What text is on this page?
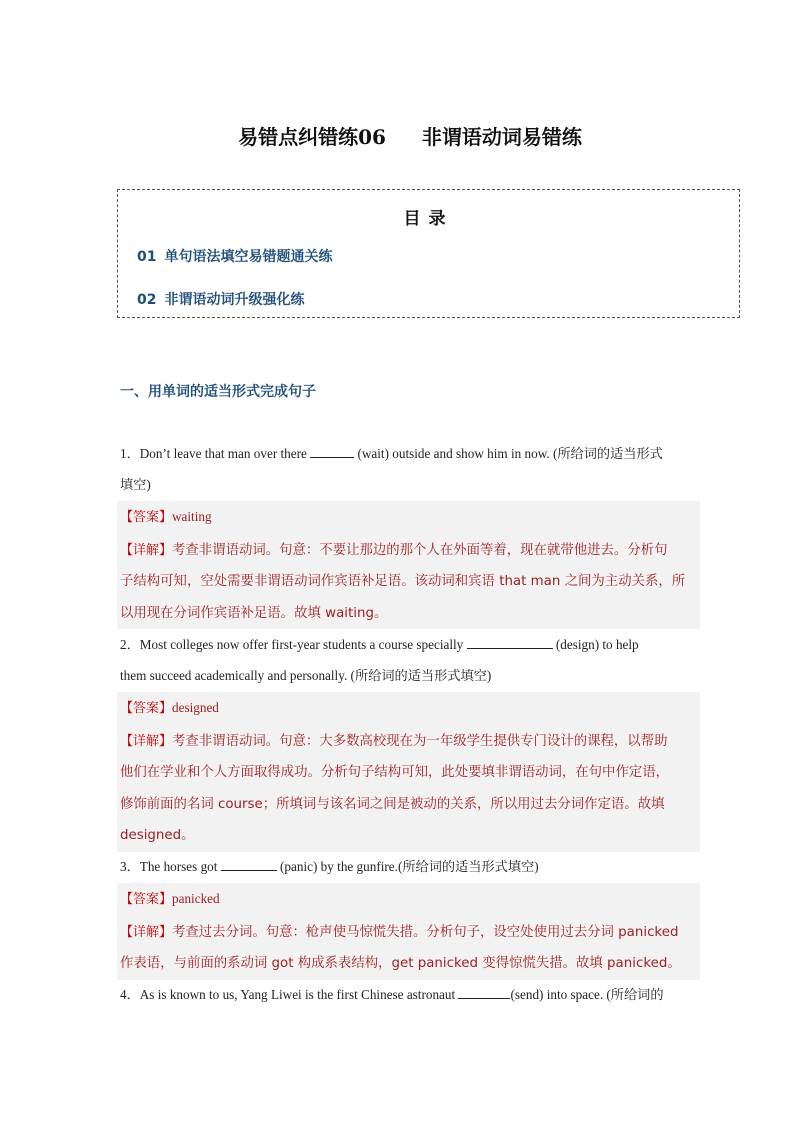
易错点纠错练06 非谓语动词易错练
目录
01 单句语法填空易错题通关练
02 非谓语动词升级强化练
一、用单词的适当形式完成句子
1．Don’t leave that man over there	(wait) outside and show him in now. (所给词的适当形式
填空)
【答案】waiting
【详解】考查非谓语动词。句意：不要让那边的那个人在外面等着，现在就带他进去。分析句
子结构可知，空处需要非谓语动词作宾语补足语。该动词和宾语 that man 之间为主动关系，所
以用现在分词作宾语补足语。故填 waiting。
2．Most colleges now offer first-year students a course specially	(design) to help
them succeed academically and personally. (所给词的适当形式填空)
【答案】designed
【详解】考查非谓语动词。句意：大多数高校现在为一年级学生提供专门设计的课程，以帮助
他们在学业和个人方面取得成功。分析句子结构可知，此处要填非谓语动词，在句中作定语，
修饰前面的名词 course；所填词与该名词之间是被动的关系，所以用过去分词作定语。故填
designed。
3．The horses got	(panic) by the gunfire.(所给词的适当形式填空)
【答案】panicked
【详解】考查过去分词。句意：枪声使马惊慌失措。分析句子，设空处使用过去分词 panicked
作表语，与前面的系动词 got 构成系表结构，get panicked 变得惊慌失措。故填 panicked。
4．As is known to us, Yang Liwei is the first Chinese astronaut	(send) into space. (所给词的
